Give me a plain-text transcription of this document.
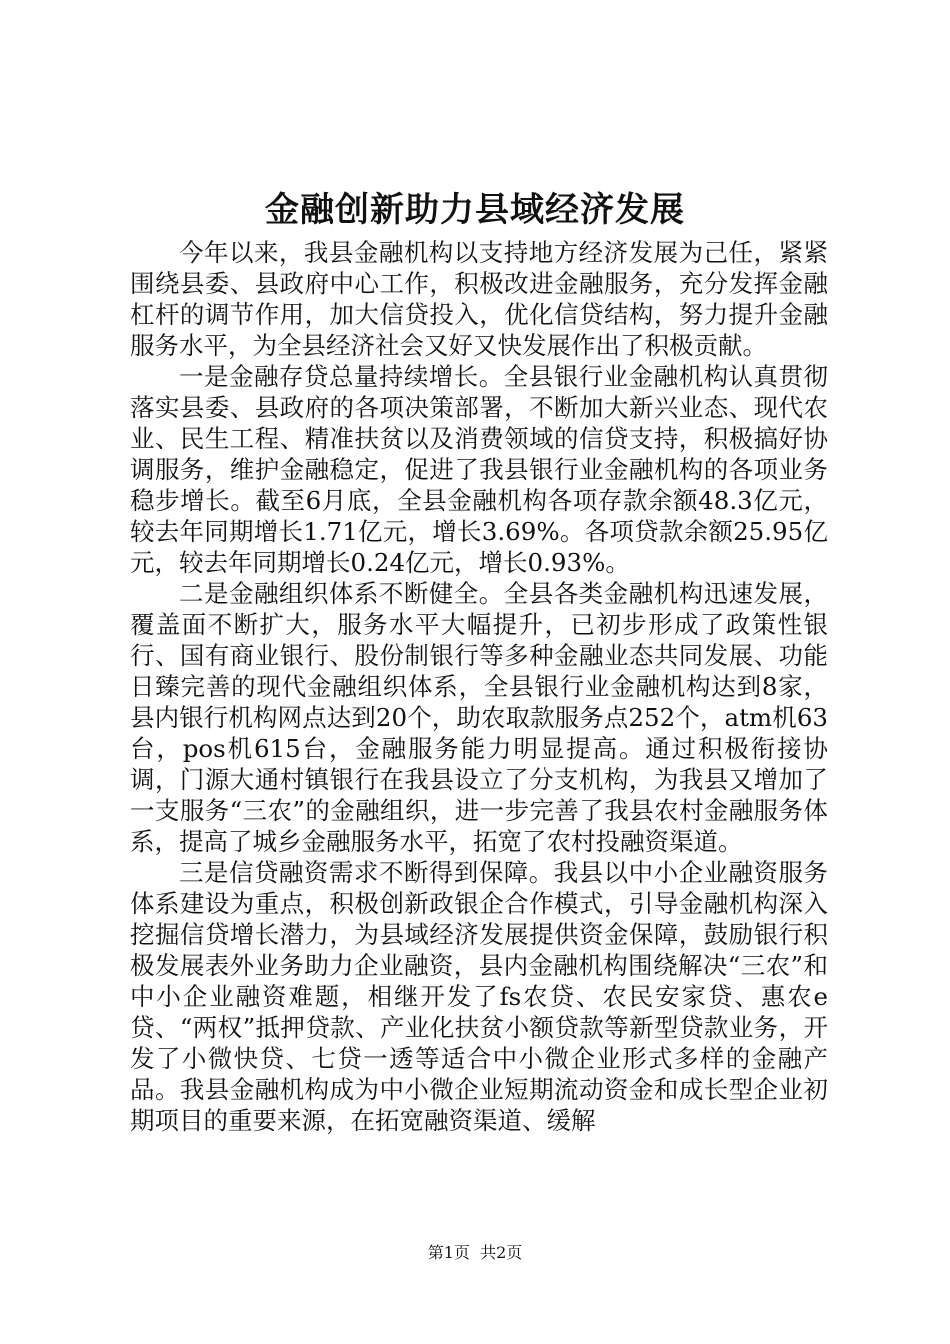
金融创新助力县域经济发展

今年以来，我县金融机构以支持地方经济发展为己任，紧紧围绕县委、县政府中心工作，积极改进金融服务，充分发挥金融杠杆的调节作用，加大信贷投入，优化信贷结构，努力提升金融服务水平，为全县经济社会又好又快发展作出了积极贡献。

一是金融存贷总量持续增长。全县银行业金融机构认真贯彻落实县委、县政府的各项决策部署，不断加大新兴业态、现代农业、民生工程、精准扶贫以及消费领域的信贷支持，积极搞好协调服务，维护金融稳定，促进了我县银行业金融机构的各项业务稳步增长。截至6月底，全县金融机构各项存款余额48.3亿元，较去年同期增长1.71亿元，增长3.69%。各项贷款余额25.95亿元，较去年同期增长0.24亿元，增长0.93%。

二是金融组织体系不断健全。全县各类金融机构迅速发展，覆盖面不断扩大，服务水平大幅提升，已初步形成了政策性银行、国有商业银行、股份制银行等多种金融业态共同发展、功能日臻完善的现代金融组织体系，全县银行业金融机构达到8家，县内银行机构网点达到20个，助农取款服务点252个，atm机63台，pos机615台，金融服务能力明显提高。通过积极衔接协调，门源大通村镇银行在我县设立了分支机构，为我县又增加了一支服务“三农”的金融组织，进一步完善了我县农村金融服务体系，提高了城乡金融服务水平，拓宽了农村投融资渠道。

三是信贷融资需求不断得到保障。我县以中小企业融资服务体系建设为重点，积极创新政银企合作模式，引导金融机构深入挖掘信贷增长潜力，为县域经济发展提供资金保障，鼓励银行积极发展表外业务助力企业融资，县内金融机构围绕解决“三农”和中小企业融资难题，相继开发了fs农贷、农民安家贷、惠农e贷、“两权”抵押贷款、产业化扶贫小额贷款等新型贷款业务，开发了小微快贷、七贷一透等适合中小微企业形式多样的金融产品。我县金融机构成为中小微企业短期流动资金和成长型企业初期项目的重要来源，在拓宽融资渠道、缓解

第1页 共2页
